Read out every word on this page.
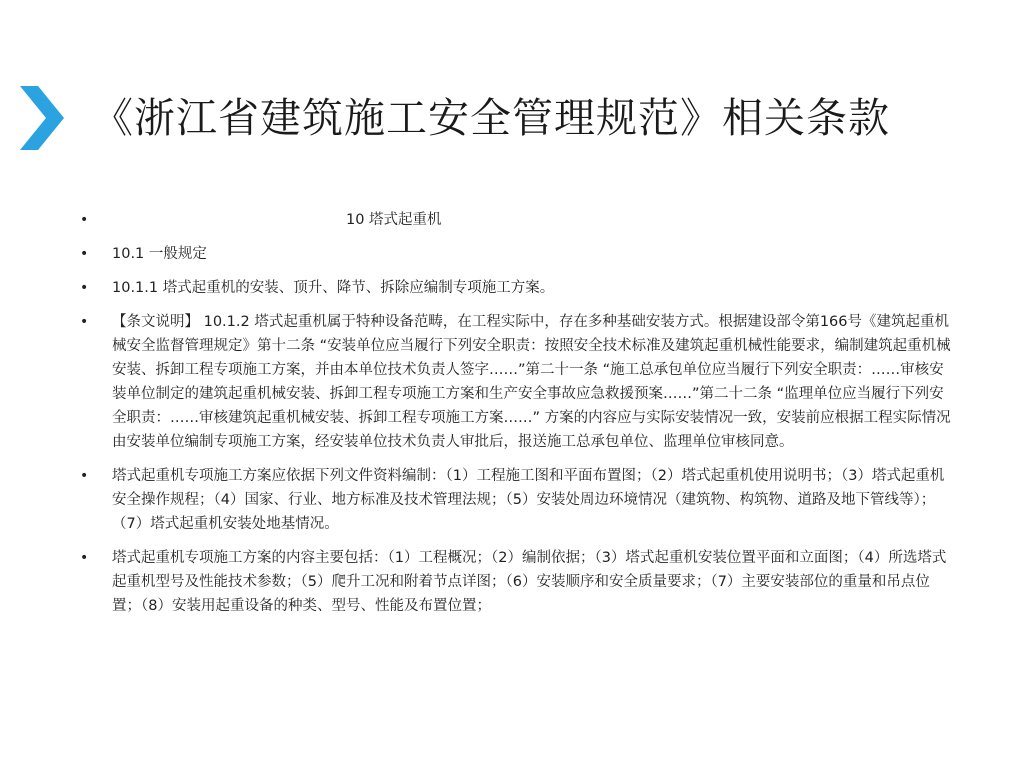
《浙江省建筑施工安全管理规范》相关条款
•	10 塔式起重机
• 10.1 一般规定
• 10.1.1 塔式起重机的安装、顶升、降节、拆除应编制专项施工方案。
• 【条文说明】 10.1.2 塔式起重机属于特种设备范畴，在工程实际中，存在多种基础安装方式。根据建设部令第166号《建筑起重机械安全监督管理规定》第十二条 “安装单位应当履行下列安全职责：按照安全技术标准及建筑起重机械性能要求，编制建筑起重机械安装、拆卸工程专项施工方案，并由本单位技术负责人签字……”第二十一条 “施工总承包单位应当履行下列安全职责：……审核安装单位制定的建筑起重机械安装、拆卸工程专项施工方案和生产安全事故应急救援预案……”第二十二条 “监理单位应当履行下列安全职责：……审核建筑起重机械安装、拆卸工程专项施工方案……” 方案的内容应与实际安装情况一致，安装前应根据工程实际情况由安装单位编制专项施工方案，经安装单位技术负责人审批后，报送施工总承包单位、监理单位审核同意。
• 塔式起重机专项施工方案应依据下列文件资料编制：（1）工程施工图和平面布置图；（2）塔式起重机使用说明书；（3）塔式起重机安全操作规程；（4）国家、行业、地方标准及技术管理法规；（5）安装处周边环境情况（建筑物、构筑物、道路及地下管线等）；（7）塔式起重机安装处地基情况。
• 塔式起重机专项施工方案的内容主要包括：（1）工程概况；（2）编制依据；（3）塔式起重机安装位置平面和立面图；（4）所选塔式起重机型号及性能技术参数；（5）爬升工况和附着节点详图；（6）安装顺序和安全质量要求；（7）主要安装部位的重量和吊点位置；（8）安装用起重设备的种类、型号、性能及布置位置；
